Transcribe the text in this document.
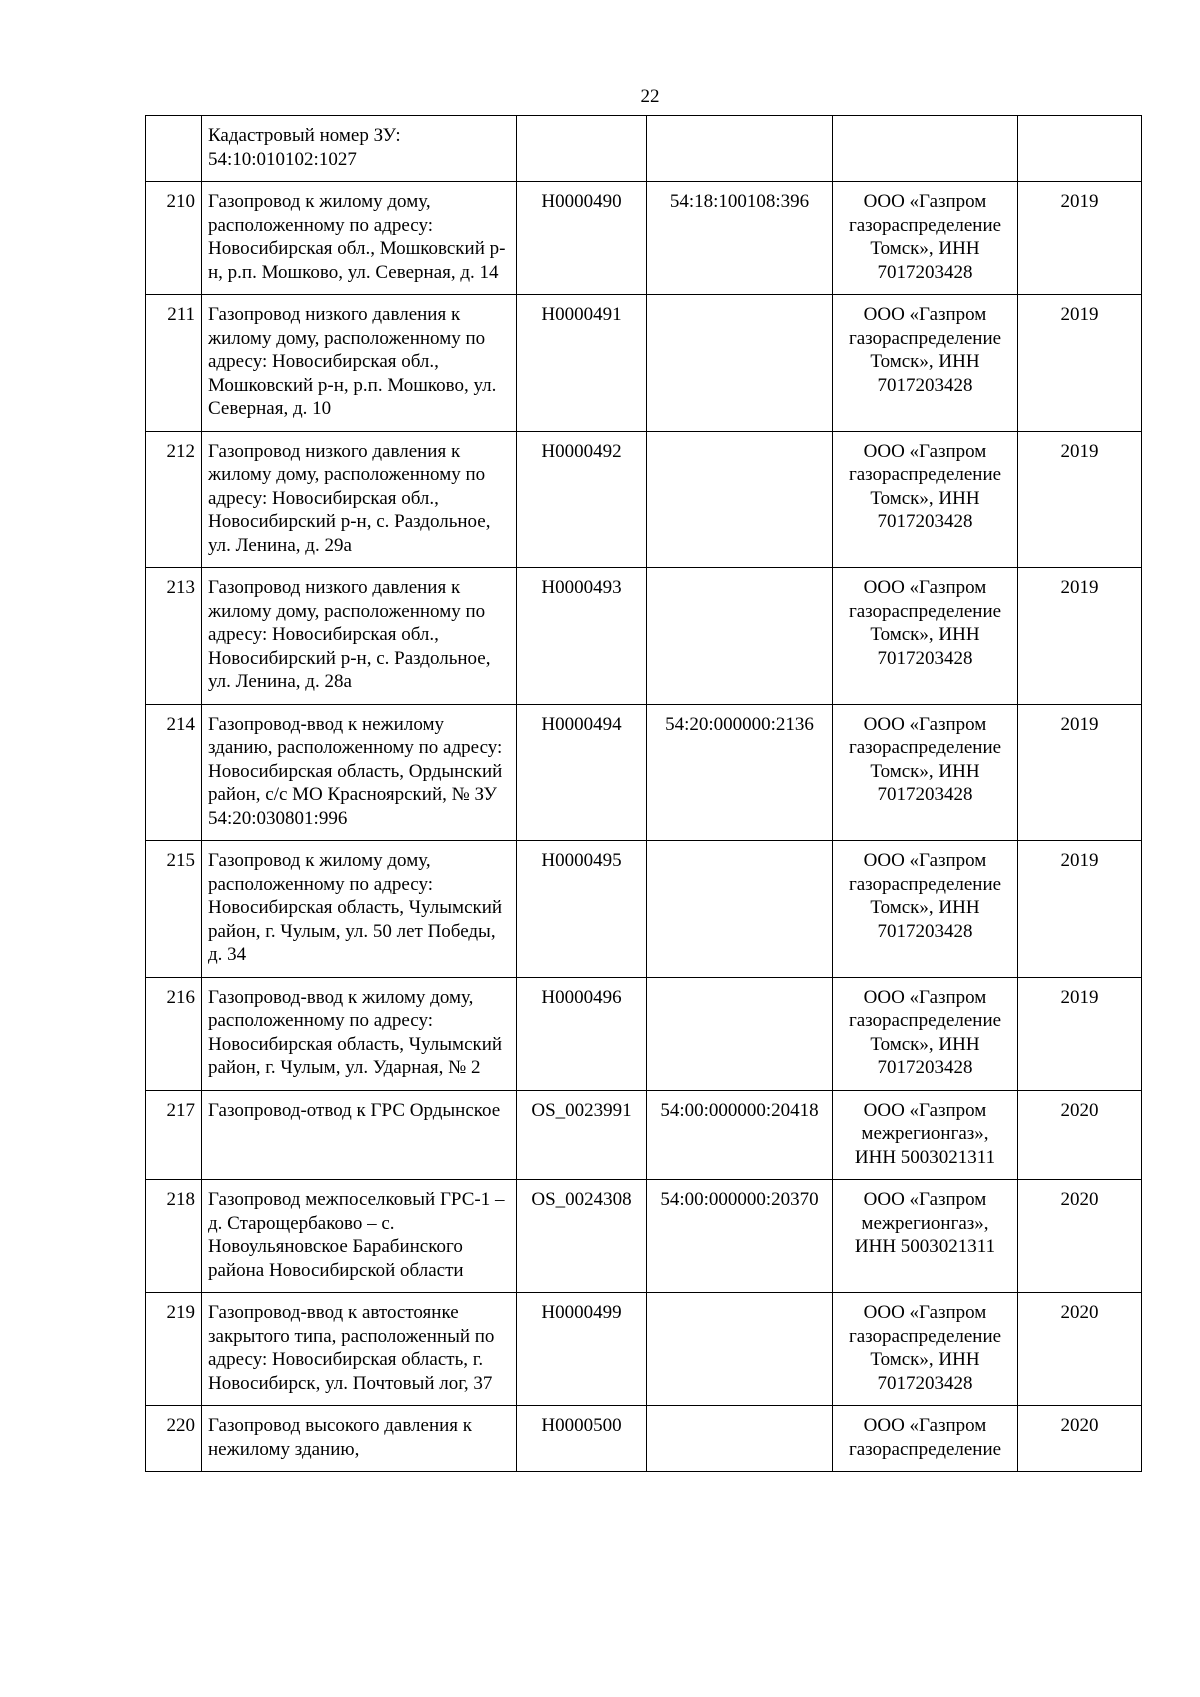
22
	Кадастровый номер ЗУ: 54:10:010102:1027				
210	Газопровод к жилому дому, расположенному по адресу: Новосибирская обл., Мошковский р-н, р.п. Мошково, ул. Северная, д. 14	Н0000490	54:18:100108:396	ООО «Газпром газораспределение Томск», ИНН 7017203428	2019
211	Газопровод низкого давления к жилому дому, расположенному по адресу: Новосибирская обл., Мошковский р-н, р.п. Мошково, ул. Северная, д. 10	Н0000491		ООО «Газпром газораспределение Томск», ИНН 7017203428	2019
212	Газопровод низкого давления к жилому дому, расположенному по адресу: Новосибирская обл., Новосибирский р-н, с. Раздольное, ул. Ленина, д. 29а	Н0000492		ООО «Газпром газораспределение Томск», ИНН 7017203428	2019
213	Газопровод низкого давления к жилому дому, расположенному по адресу: Новосибирская обл., Новосибирский р-н, с. Раздольное, ул. Ленина, д. 28а	Н0000493		ООО «Газпром газораспределение Томск», ИНН 7017203428	2019
214	Газопровод-ввод к нежилому зданию, расположенному по адресу: Новосибирская область, Ордынский район, с/с МО Красноярский, № ЗУ 54:20:030801:996	Н0000494	54:20:000000:2136	ООО «Газпром газораспределение Томск», ИНН 7017203428	2019
215	Газопровод к жилому дому, расположенному по адресу: Новосибирская область, Чулымский район, г. Чулым, ул. 50 лет Победы, д. 34	Н0000495		ООО «Газпром газораспределение Томск», ИНН 7017203428	2019
216	Газопровод-ввод к жилому дому, расположенному по адресу: Новосибирская область, Чулымский район, г. Чулым, ул. Ударная, № 2	Н0000496		ООО «Газпром газораспределение Томск», ИНН 7017203428	2019
217	Газопровод-отвод к ГРС Ордынское	OS_0023991	54:00:000000:20418	ООО «Газпром межрегионгаз», ИНН 5003021311	2020
218	Газопровод межпоселковый ГРС-1 – д. Старощербаково – с. Новоульяновское Барабинского района Новосибирской области	OS_0024308	54:00:000000:20370	ООО «Газпром межрегионгаз», ИНН 5003021311	2020
219	Газопровод-ввод к автостоянке закрытого типа, расположенный по адресу: Новосибирская область, г. Новосибирск, ул. Почтовый лог, 37	Н0000499		ООО «Газпром газораспределение Томск», ИНН 7017203428	2020
220	Газопровод высокого давления к нежилому зданию,	Н0000500		ООО «Газпром газораспределение	2020
